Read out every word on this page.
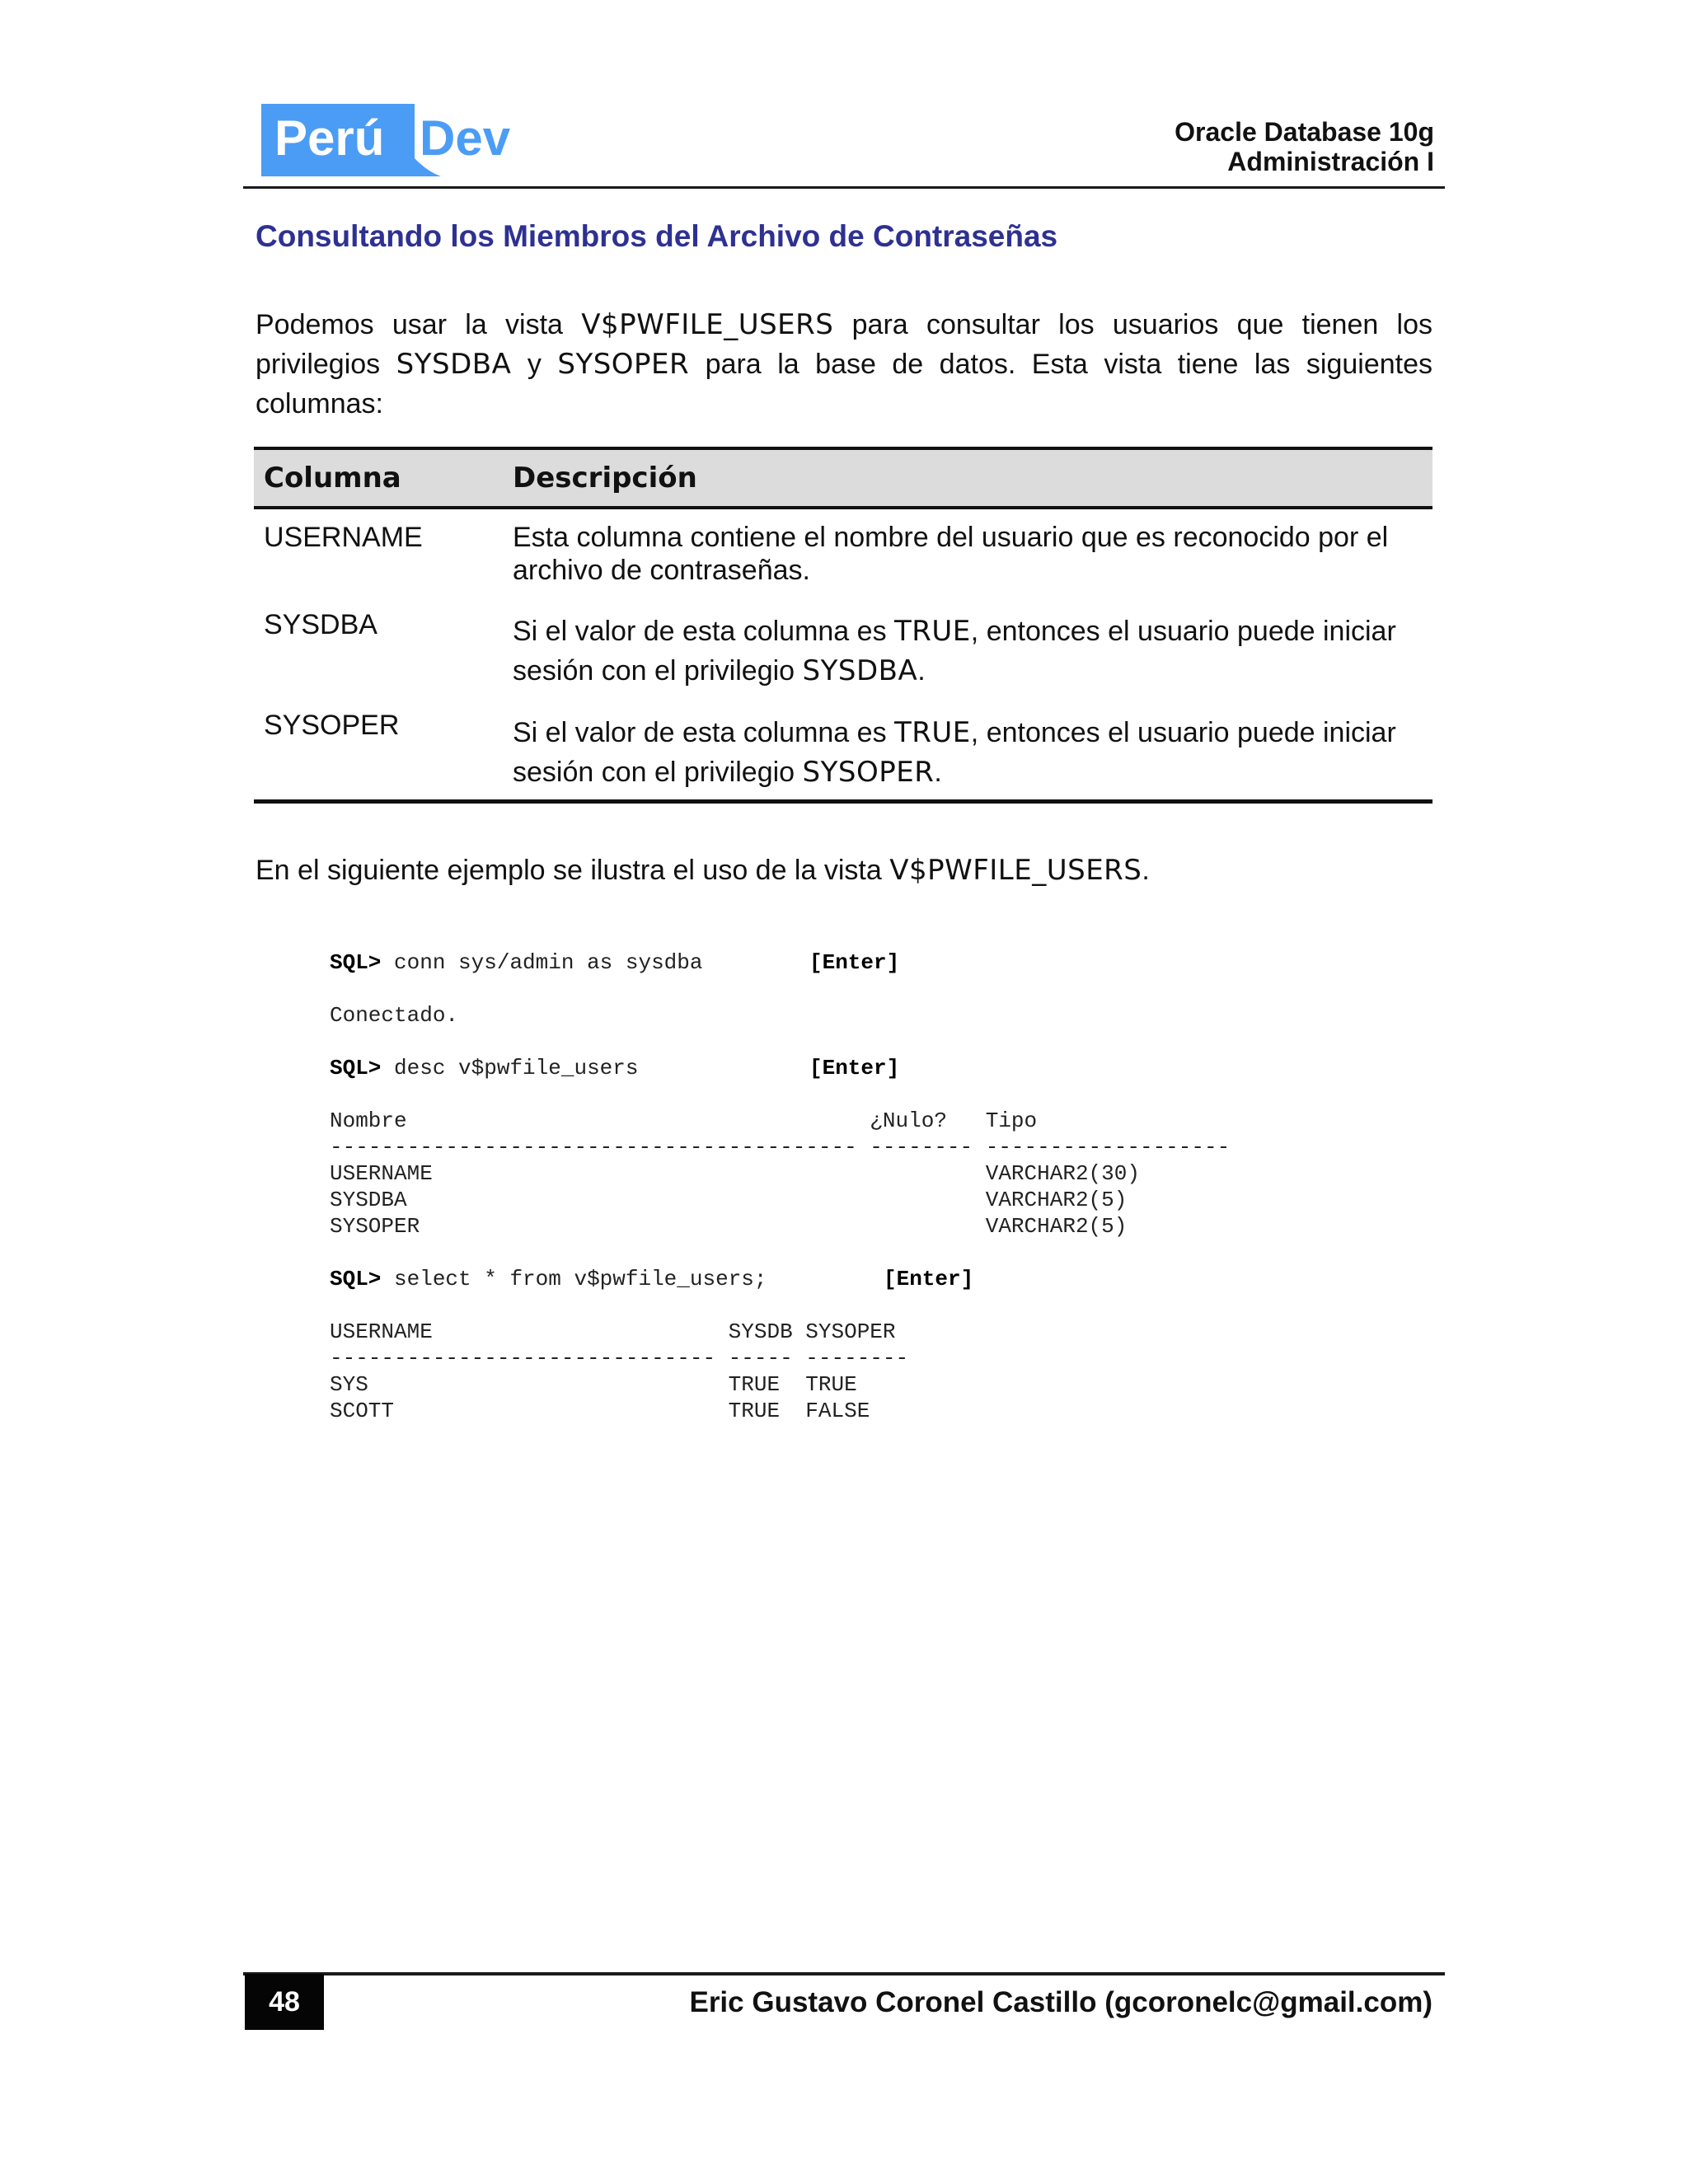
Perú Dev	Oracle Database 10g
Administración I
Consultando los Miembros del Archivo de Contraseñas
Podemos usar la vista V$PWFILE_USERS para consultar los usuarios que tienen los privilegios SYSDBA y SYSOPER para la base de datos. Esta vista tiene las siguientes columnas:
Columna	Descripción
USERNAME	Esta columna contiene el nombre del usuario que es reconocido por el archivo de contraseñas.
SYSDBA	Si el valor de esta columna es TRUE, entonces el usuario puede iniciar sesión con el privilegio SYSDBA.
SYSOPER	Si el valor de esta columna es TRUE, entonces el usuario puede iniciar sesión con el privilegio SYSOPER.
En el siguiente ejemplo se ilustra el uso de la vista V$PWFILE_USERS.
SQL> conn sys/admin as sysdba	[Enter]
Conectado.
SQL> desc v$pwfile_users	[Enter]
Nombre                                    ¿Nulo?   Tipo
----------------------------------------- -------- -------------------
USERNAME                                           VARCHAR2(30)
SYSDBA                                             VARCHAR2(5)
SYSOPER                                            VARCHAR2(5)
SQL> select * from v$pwfile_users;	[Enter]
USERNAME                       SYSDB SYSOPER
------------------------------ ----- --------
SYS                            TRUE  TRUE
SCOTT                          TRUE  FALSE
48	Eric Gustavo Coronel Castillo (gcoronelc@gmail.com)
